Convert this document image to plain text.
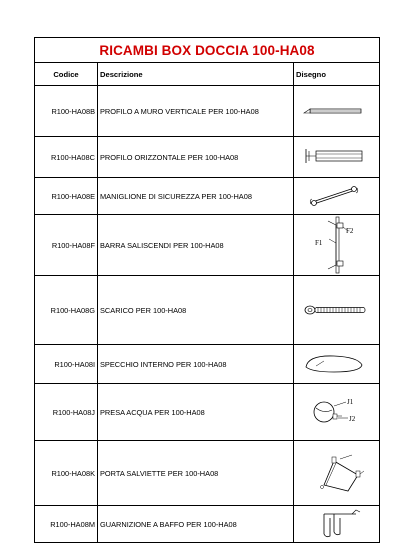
RICAMBI BOX DOCCIA 100-HA08		
Codice	Descrizione	Disegno
R100-HA08B	PROFILO A MURO VERTICALE PER 100-HA08	

R100-HA08C	PROFILO ORIZZONTALE PER 100-HA08	

R100-HA08E	MANIGLIONE DI SICUREZZA PER 100-HA08	

R100-HA08F	BARRA SALISCENDI PER 100-HA08	F1
F2

R100-HA08G	SCARICO PER 100-HA08	

R100-HA08I	SPECCHIO INTERNO PER 100-HA08	

R100-HA08J	PRESA ACQUA PER 100-HA08	J1
J2

R100-HA08K	PORTA SALVIETTE PER 100-HA08	

R100-HA08M	GUARNIZIONE A BAFFO PER 100-HA08	
